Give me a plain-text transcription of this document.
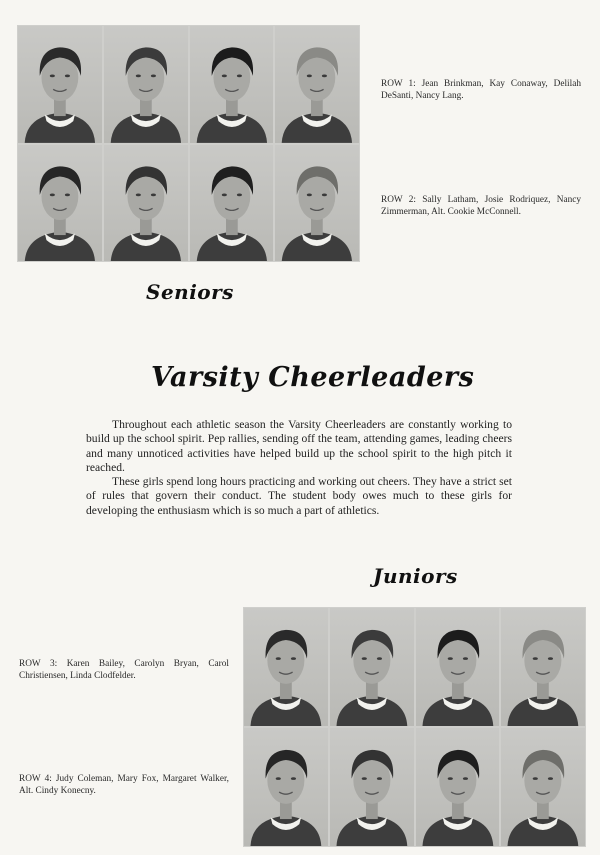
ROW 1: Jean Brinkman, Kay Conaway, Delilah DeSanti, Nancy Lang.

ROW 2: Sally Latham, Josie Rodriquez, Nancy Zimmerman, Alt. Cookie McConnell.

Seniors
Varsity Cheerleaders

Throughout each athletic season the Varsity Cheerleaders are constantly working to build up the school spirit. Pep rallies, sending off the team, attending games, leading cheers and many unnoticed activities have helped build up the school spirit to the high pitch it reached.

These girls spend long hours practicing and working out cheers. They have a strict set of rules that govern their conduct. The student body owes much to these girls for developing the enthusiasm which is so much a part of athletics.

Juniors

ROW 3: Karen Bailey, Carolyn Bryan, Carol Christiensen, Linda Clodfelder.

ROW 4: Judy Coleman, Mary Fox, Margaret Walker, Alt. Cindy Konecny.
